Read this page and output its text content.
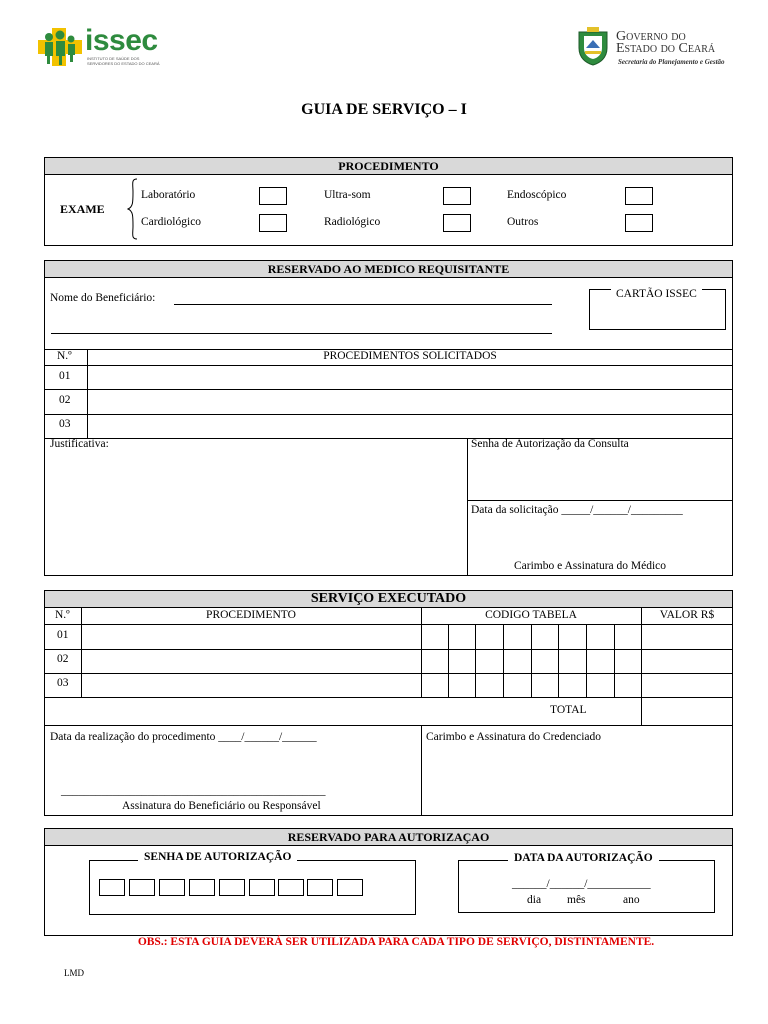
issec
INSTITUTO DE SAÚDE DOS SERVIDORES DO ESTADO DO CEARÁ
Governo do
Estado do Ceará
Secretaria do Planejamento e Gestão
GUIA DE SERVIÇO – I
PROCEDIMENTO
EXAME
Laboratório	Ultra-som	Endoscópico
Cardiológico	Radiológico	Outros
RESERVADO AO MEDICO REQUISITANTE
Nome do Beneficiário:	CARTÃO ISSEC
N.º	PROCEDIMENTOS SOLICITADOS
01
02
03
Justificativa:	Senha de Autorização da Consulta
Data da solicitação _____/______/_________
Carimbo e Assinatura do Médico
SERVIÇO EXECUTADO
N.º	PROCEDIMENTO	CODIGO TABELA	VALOR R$
01
02
03
TOTAL
Data da realização do procedimento ____/______/______
______________________________________________
Assinatura do Beneficiário ou Responsável
Carimbo e Assinatura do Credenciado
RESERVADO PARA AUTORIZAÇAO
SENHA DE AUTORIZAÇÃO	DATA DA AUTORIZAÇÃO
______/______/___________
dia mês	ano
OBS.: ESTA GUIA DEVERÁ SER UTILIZADA PARA CADA TIPO DE SERVIÇO, DISTINTAMENTE.
LMD
